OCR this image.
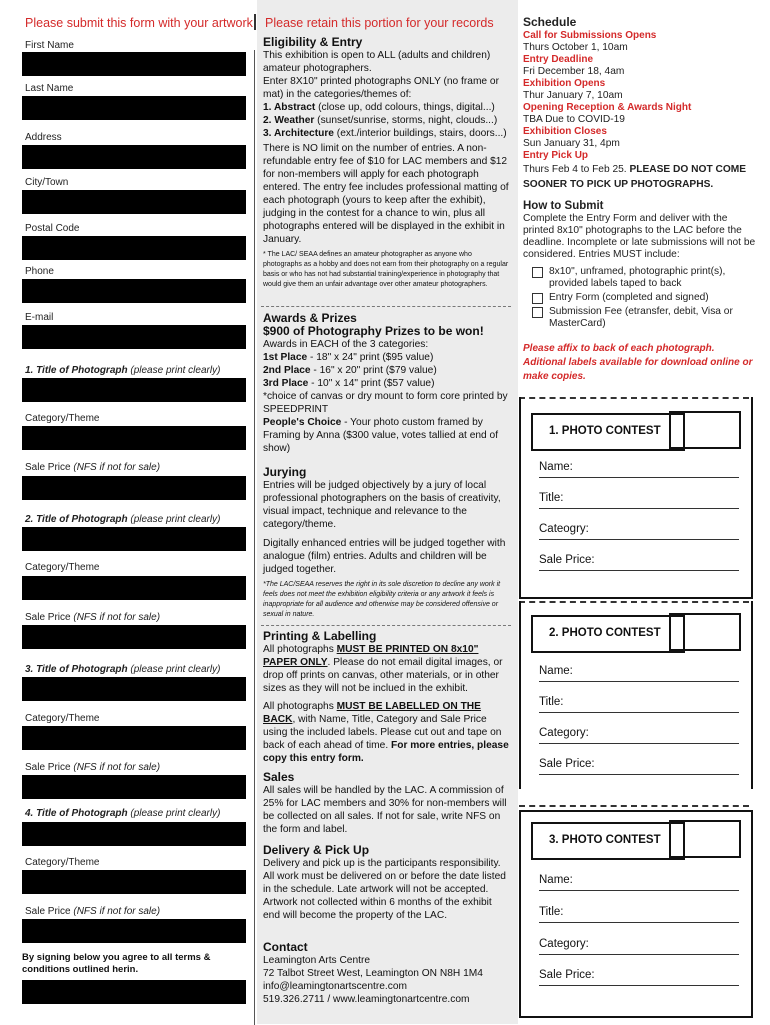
Please submit this form with your artwork
First Name
Last Name
Address
City/Town
Postal Code
Phone
E-mail
1. Title of Photograph (please print clearly)
Category/Theme
Sale Price (NFS if not for sale)
2. Title of Photograph (please print clearly)
Category/Theme
Sale Price (NFS if not for sale)
3. Title of Photograph (please print clearly)
Category/Theme
Sale Price (NFS if not for sale)
4. Title of Photograph (please print clearly)
Category/Theme
Sale Price (NFS if not for sale)
By signing below you agree to all terms & conditions outlined herin.
Please retain this portion for your records

Eligibility & Entry

This exhibition is open to ALL (adults and children) amateur photographers.

Enter 8X10" printed photographs ONLY (no frame or mat) in the categories/themes of:

1. Abstract (close up, odd colours, things, digital...)

2. Weather (sunset/sunrise, storms, night, clouds...)

3. Architecture (ext./interior buildings, stairs, doors...)

There is NO limit on the number of entries. A non-refundable entry fee of $10 for LAC members and $12 for non-members will apply for each photograph entered. The entry fee includes professional matting of each photograph (yours to keep after the exhibit), judging in the contest for a chance to win, plus all photographs entered will be displayed in the exhibit in January.

* The LAC/ SEAA defines an amateur photographer as anyone who photographs as a hobby and does not earn from their photography on a regular basis or who has not had substantial training/experience in photography that would give them an unfair advantage over other amateur photographers.

Awards & Prizes

$900 of Photography Prizes to be won!

Awards in EACH of the 3 categories:

1st Place - 18" x 24" print ($95 value)

2nd Place - 16" x 20" print ($79 value)

3rd Place - 10" x 14" print ($57 value)

*choice of canvas or dry mount to form core printed by SPEEDPRINT

People's Choice - Your photo custom framed by Framing by Anna ($300 value, votes tallied at end of show)

Jurying

Entries will be judged objectively by a jury of local professional photographers on the basis of creativity, visual impact, technique and relevance to the category/theme.

Digitally enhanced entries will be judged together with analogue (film) entries. Adults and children will be judged together.

*The LAC/SEAA reserves the right in its sole discretion to decline any work it feels does not meet the exhibition eligibility criteria or any artwork it feels is inappropriate for all audience and otherwise may be considered offensive or sexual in nature.

Printing & Labelling

All photographs MUST BE PRINTED ON 8x10" PAPER ONLY. Please do not email digital images, or drop off prints on canvas, other materials, or in other sizes as they will not be inclued in the exhibit.

All photographs MUST BE LABELLED ON THE BACK, with Name, Title, Category and Sale Price using the included labels. Please cut out and tape on back of each ahead of time. For more entries, please copy this entry form.

Sales

All sales will be handled by the LAC. A commission of 25% for LAC members and 30% for non-members will be collected on all sales. If not for sale, write NFS on the form and label.

Delivery & Pick Up

Delivery and pick up is the participants responsibility. All work must be delivered on or before the date listed in the schedule. Late artwork will not be accepted. Artwork not collected within 6 months of the exhibit end will become the property of the LAC.

Contact

Leamington Arts Centre

72 Talbot Street West, Leamington ON N8H 1M4

info@leamingtonartscentre.com

519.326.2711 / www.leamingtonartcentre.com

Schedule

Call for Submissions Opens

Thurs October 1, 10am

Entry Deadline

Fri December 18, 4am

Exhibition Opens

Thur January 7, 10am

Opening Reception & Awards Night

TBA Due to COVID-19

Exhibition Closes

Sun January 31, 4pm

Entry Pick Up

Thurs Feb 4 to Feb 25. PLEASE DO NOT COME SOONER TO PICK UP PHOTOGRAPHS.

How to Submit

Complete the Entry Form and deliver with the printed 8x10" photographs to the LAC before the deadline. Incomplete or late submissions will not be considered. Entries MUST include:

8x10", unframed, photographic print(s), provided labels taped to back
Entry Form (completed and signed)
Submission Fee (etransfer, debit, Visa or MasterCard)

Please affix to back of each photograph. Aditional labels available for download online or make copies.

1. PHOTO CONTEST
Name:
Title:
Cateogry:
Sale Price:
2. PHOTO CONTEST
Name:
Title:
Category:
Sale Price:
3. PHOTO CONTEST
Name:
Title:
Category:
Sale Price:
